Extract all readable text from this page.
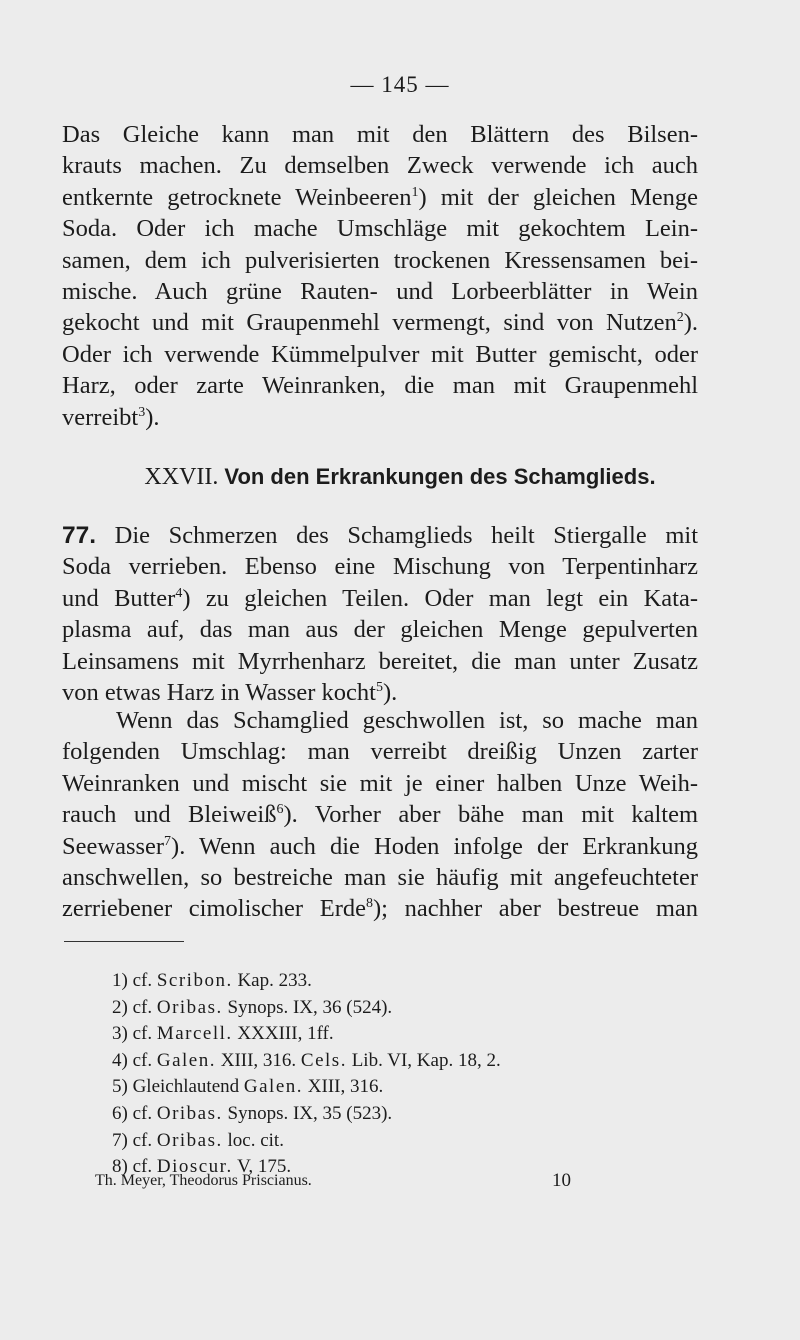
— 145 —
Das Gleiche kann man mit den Blättern des Bilsen-
krauts machen. Zu demselben Zweck verwende ich auch
entkernte getrocknete Weinbeeren$^1$) mit der gleichen Menge
Soda. Oder ich mache Umschläge mit gekochtem Lein-
samen, dem ich pulverisierten trockenen Kressensamen bei-
mische. Auch grüne Rauten- und Lorbeerblätter in Wein
gekocht und mit Graupenmehl vermengt, sind von Nutzen$^2$).
Oder ich verwende Kümmelpulver mit Butter gemischt, oder
Harz, oder zarte Weinranken, die man mit Graupenmehl
verreibt$^3$).
XXVII. Von den Erkrankungen des Schamglieds.
77. Die Schmerzen des Schamglieds heilt Stiergalle mit
Soda verrieben. Ebenso eine Mischung von Terpentinharz
und Butter$^4$) zu gleichen Teilen. Oder man legt ein Kata-
plasma auf, das man aus der gleichen Menge gepulverten
Leinsamens mit Myrrhenharz bereitet, die man unter Zusatz
von etwas Harz in Wasser kocht$^5$).
Wenn das Schamglied geschwollen ist, so mache man
folgenden Umschlag: man verreibt dreißig Unzen zarter
Weinranken und mischt sie mit je einer halben Unze Weih-
rauch und Bleiweiß$^6$). Vorher aber bähe man mit kaltem
Seewasser$^7$). Wenn auch die Hoden infolge der Erkrankung
anschwellen, so bestreiche man sie häufig mit angefeuchteter
zerriebener cimolischer Erde$^8$); nachher aber bestreue man
1) cf. Scribon. Kap. 233.
2) cf. Oribas. Synops. IX, 36 (524).
3) cf. Marcell. XXXIII, 1ff.
4) cf. Galen. XIII, 316. Cels. Lib. VI, Kap. 18, 2.
5) Gleichlautend Galen. XIII, 316.
6) cf. Oribas. Synops. IX, 35 (523).
7) cf. Oribas. loc. cit.
8) cf. Dioscur. V, 175.
Th. Meyer, Theodorus Priscianus.	10
